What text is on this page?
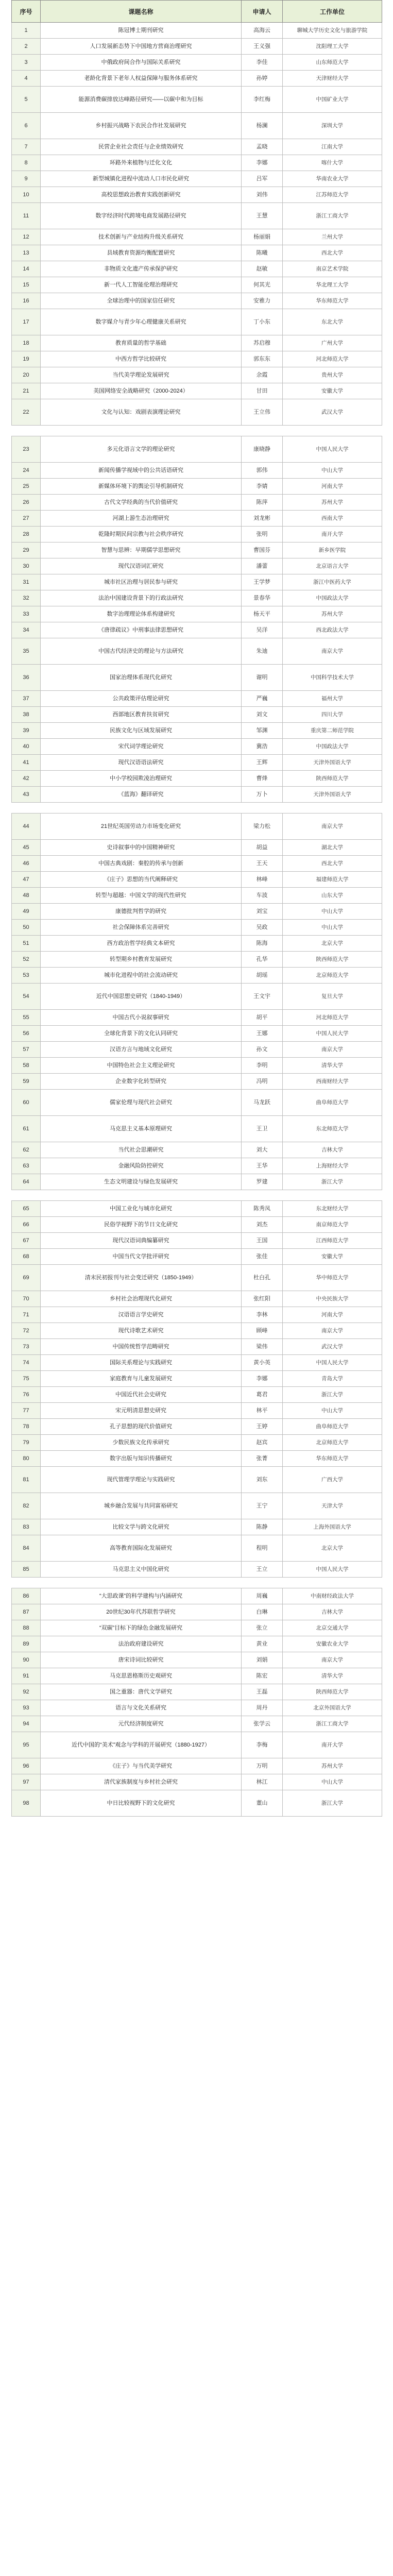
序号	课题名称	申请人	工作单位
1	陈冠博士期刊研究	高海云	聊城大学历史文化与旅游学院
2	人口发展新态势下中国地方营商治理研究	王义强	沈阳理工大学
3	中俄政府间合作与国际关系研究	李佳	山东师范大学
4	老龄化背景下老年人权益保障与服务体系研究	孙婷	天津财经大学
5	能源消费碳排放达峰路径研究——以碳中和为目标	李红梅	中国矿业大学
6	乡村振兴战略下农民合作社发展研究	杨澜	深圳大学
7	民营企业社会责任与企业绩效研究	孟晓	江南大学
8	环路外来植物与迁化文化	李娜	喀什大学
9	新型城镇化进程中流动人口市民化研究	吕军	华南农业大学
10	高校思想政治教育实践创新研究	刘伟	江苏师范大学
11	数字经济时代跨境电商发展路径研究	王慧	浙江工商大学
12	技术创新与产业结构升级关系研究	杨丽娟	兰州大学
13	县域教育资源均衡配置研究	陈曦	西北大学
14	非物质文化遗产传承保护研究	赵敏	南京艺术学院
15	新一代人工智能伦理治理研究	何其光	华北理工大学
16	全球治理中的国家信任研究	安雅力	华东师范大学
17	数字媒介与青少年心理健康关系研究	丁小东	东北大学
18	教育质量的哲学基础	苏启穆	广州大学
19	中西方哲学比较研究	郭东东	河北师范大学
20	当代美学理论发展研究	余霞	贵州大学
21	美国网络安全战略研究（2000-2024）	甘田	安徽大学
22	文化与认知：戏剧表演理论研究	王立伟	武汉大学

23	多元化语言文学的理论研究	康晓静	中国人民大学
24	新闻传播学视域中的公共话语研究	郭伟	中山大学
25	新媒体环境下的舆论引导机制研究	李婧	河南大学
26	古代文学经典的当代价值研究	陈萍	苏州大学
27	河湖上游生态治理研究	刘龙彬	西南大学
28	乾隆时期民间宗教与社会秩序研究	张明	南开大学
29	智慧与思辨：早期儒学思想研究	曹国芬	新乡医学院
30	现代汉语词汇研究	潘蕾	北京语言大学
31	城市社区治理与居民参与研究	王学梦	浙江中医药大学
32	法治中国建设背景下的行政法研究	景春华	中国政法大学
33	数字治理理论体系构建研究	杨天平	苏州大学
34	《唐律疏议》中刑事法律思想研究	吴洋	西北政法大学
35	中国古代经济史的理论与方法研究	朱迪	南京大学
36	国家治理体系现代化研究	谢明	中国科学技术大学
37	公共政策评估理论研究	严巍	福州大学
38	西部地区教育扶贫研究	刘文	四川大学
39	民族文化与区域发展研究	邹渊	重庆第二师范学院
40	宋代词学理论研究	冀浩	中国政法大学
41	现代汉语语法研究	王辉	天津外国语大学
42	中小学校园欺凌治理研究	曹烽	陕西师范大学
43	《蓝海》翻译研究	万卜	天津外国语大学

44	21世纪英国劳动力市场变化研究	梁力松	南京大学
45	史诗叙事中的中国精神研究	胡益	湖北大学
46	中国古典戏剧：秦腔的传承与创新	王天	西北大学
47	《庄子》思想的当代阐释研究	林峰	福建师范大学
48	转型与超越：中国文学的现代性研究	车波	山东大学
49	康德批判哲学的研究	刘宝	中山大学
50	社会保障体系完善研究	吴政	中山大学
51	西方政治哲学经典文本研究	陈海	北京大学
52	转型期乡村教育发展研究	孔华	陕西师范大学
53	城市化进程中的社会流动研究	胡瑶	北京师范大学
54	近代中国思想史研究（1840-1949）	王文宇	复旦大学
55	中国古代小说叙事研究	胡平	河北师范大学
56	全球化背景下的文化认同研究	王娜	中国人民大学
57	汉语方言与地域文化研究	孙文	南京大学
58	中国特色社会主义理论研究	李明	清华大学
59	企业数字化转型研究	冯明	西南财经大学
60	儒家伦理与现代社会研究	马龙跃	曲阜师范大学
61	马克思主义基本原理研究	王卫	东北师范大学
62	当代社会思潮研究	刘大	吉林大学
63	金融风险防控研究	王华	上海财经大学
64	生态文明建设与绿色发展研究	罗建	浙江大学

65	中国工业化与城市化研究	陈秀凤	东北财经大学
66	民俗学视野下的节日文化研究	刘杰	南京师范大学
67	现代汉语词典编纂研究	王国	江西师范大学
68	中国当代文学批评研究	张佳	安徽大学
69	清末民初报刊与社会变迁研究（1850-1949）	杜白孔	华中师范大学
70	乡村社会治理现代化研究	张红阳	中央民族大学
71	汉语语言学史研究	李林	河南大学
72	现代诗歌艺术研究	顾峰	南京大学
73	中国传统哲学范畴研究	梁伟	武汉大学
74	国际关系理论与实践研究	黄小英	中国人民大学
75	家庭教育与儿童发展研究	李娜	青岛大学
76	中国近代社会史研究	葛君	浙江大学
77	宋元明清思想史研究	林平	中山大学
78	孔子思想的现代价值研究	王婷	曲阜师范大学
79	少数民族文化传承研究	赵宾	北京师范大学
80	数字出版与知识传播研究	张菁	华东师范大学
81	现代管理学理论与实践研究	刘东	广西大学
82	城乡融合发展与共同富裕研究	王宁	天津大学
83	比较文学与跨文化研究	陈静	上海外国语大学
84	高等教育国际化发展研究	程明	北京大学
85	马克思主义中国化研究	王立	中国人民大学

86	“大思政课”的科学建构与内涵研究	周巍	中南财经政法大学
87	20世纪30年代苏联哲学研究	白琳	吉林大学
88	“双碳”目标下的绿色金融发展研究	张立	北京交通大学
89	法治政府建设研究	黄业	安徽农业大学
90	唐宋诗词比较研究	刘娟	南京大学
91	马克思恩格斯历史观研究	陈宏	清华大学
92	国之重器：唐代文学研究	王磊	陕西师范大学
93	语言与文化关系研究	周丹	北京外国语大学
94	元代经济制度研究	张学云	浙江工商大学
95	近代中国的“美术”观念与学科的开展研究（1880-1927）	李梅	南开大学
96	《庄子》与当代美学研究	万明	苏州大学
97	清代家族制度与乡村社会研究	林江	中山大学
98	中日比较视野下的文化研究	董山	浙江大学
